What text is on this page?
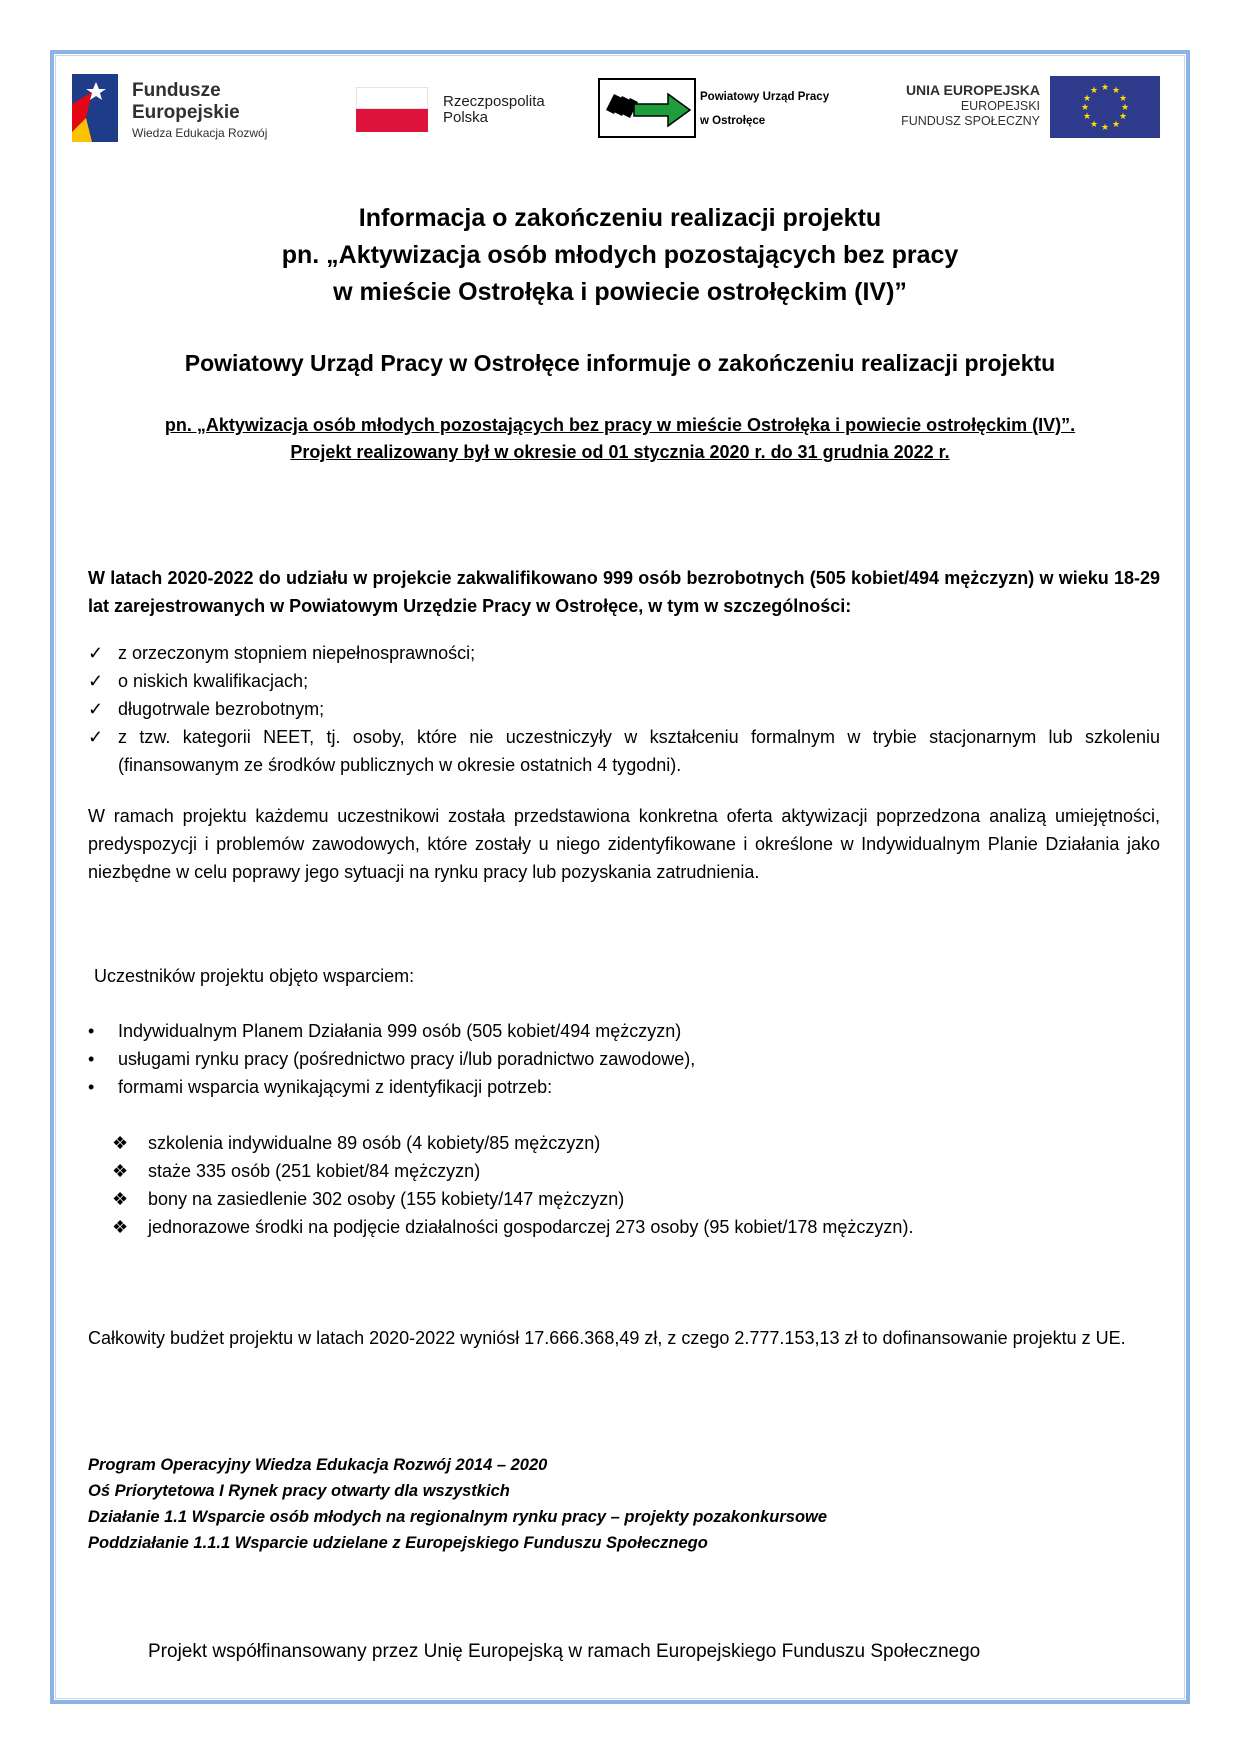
Fundusze
Europejskie
Wiedza Edukacja Rozwój
Rzeczpospolita
Polska
Powiatowy Urząd Pracy
w Ostrołęce
UNIA EUROPEJSKA
EUROPEJSKI
FUNDUSZ SPOŁECZNY
★ ★
★
★
★
★
★
★
★
★
★
★
Informacja o zakończeniu realizacji projektu
pn. „Aktywizacja osób młodych pozostających bez pracy
w mieście Ostrołęka i powiecie ostrołęckim (IV)”
Powiatowy Urząd Pracy w Ostrołęce informuje o zakończeniu realizacji projektu
pn. „Aktywizacja osób młodych pozostających bez pracy w mieście Ostrołęka i powiecie ostrołęckim (IV)”.
Projekt realizowany był w okresie od 01 stycznia 2020 r. do 31 grudnia 2022 r.
W latach 2020-2022 do udziału w projekcie zakwalifikowano 999 osób bezrobotnych (505 kobiet/494 mężczyzn) w wieku 18-29 lat zarejestrowanych w Powiatowym Urzędzie Pracy w Ostrołęce, w tym w szczególności:
✓ z orzeczonym stopniem niepełnosprawności;
✓ o niskich kwalifikacjach;
✓ długotrwale bezrobotnym;
✓ z tzw. kategorii NEET, tj. osoby, które nie uczestniczyły w kształceniu formalnym w trybie stacjonarnym lub szkoleniu (finansowanym ze środków publicznych w okresie ostatnich 4 tygodni).
W ramach projektu każdemu uczestnikowi została przedstawiona konkretna oferta aktywizacji poprzedzona analizą umiejętności, predyspozycji i problemów zawodowych, które zostały u niego zidentyfikowane i określone w Indywidualnym Planie Działania jako niezbędne w celu poprawy jego sytuacji na rynku pracy lub pozyskania zatrudnienia.
Uczestników projektu objęto wsparciem:
• Indywidualnym Planem Działania 999 osób (505 kobiet/494 mężczyzn)
• usługami rynku pracy (pośrednictwo pracy i/lub poradnictwo zawodowe),
• formami wsparcia wynikającymi z identyfikacji potrzeb:
❖ szkolenia indywidualne 89 osób (4 kobiety/85 mężczyzn)
❖ staże 335 osób (251 kobiet/84 mężczyzn)
❖ bony na zasiedlenie 302 osoby (155 kobiety/147 mężczyzn)
❖ jednorazowe środki na podjęcie działalności gospodarczej 273 osoby (95 kobiet/178 mężczyzn).
Całkowity budżet projektu w latach 2020-2022 wyniósł 17.666.368,49 zł, z czego 2.777.153,13 zł to dofinansowanie projektu z UE.
Program Operacyjny Wiedza Edukacja Rozwój 2014 – 2020
Oś Priorytetowa I Rynek pracy otwarty dla wszystkich
Działanie 1.1 Wsparcie osób młodych na regionalnym rynku pracy – projekty pozakonkursowe
Poddziałanie 1.1.1 Wsparcie udzielane z Europejskiego Funduszu Społecznego
Projekt współfinansowany przez Unię Europejską w ramach Europejskiego Funduszu Społecznego
